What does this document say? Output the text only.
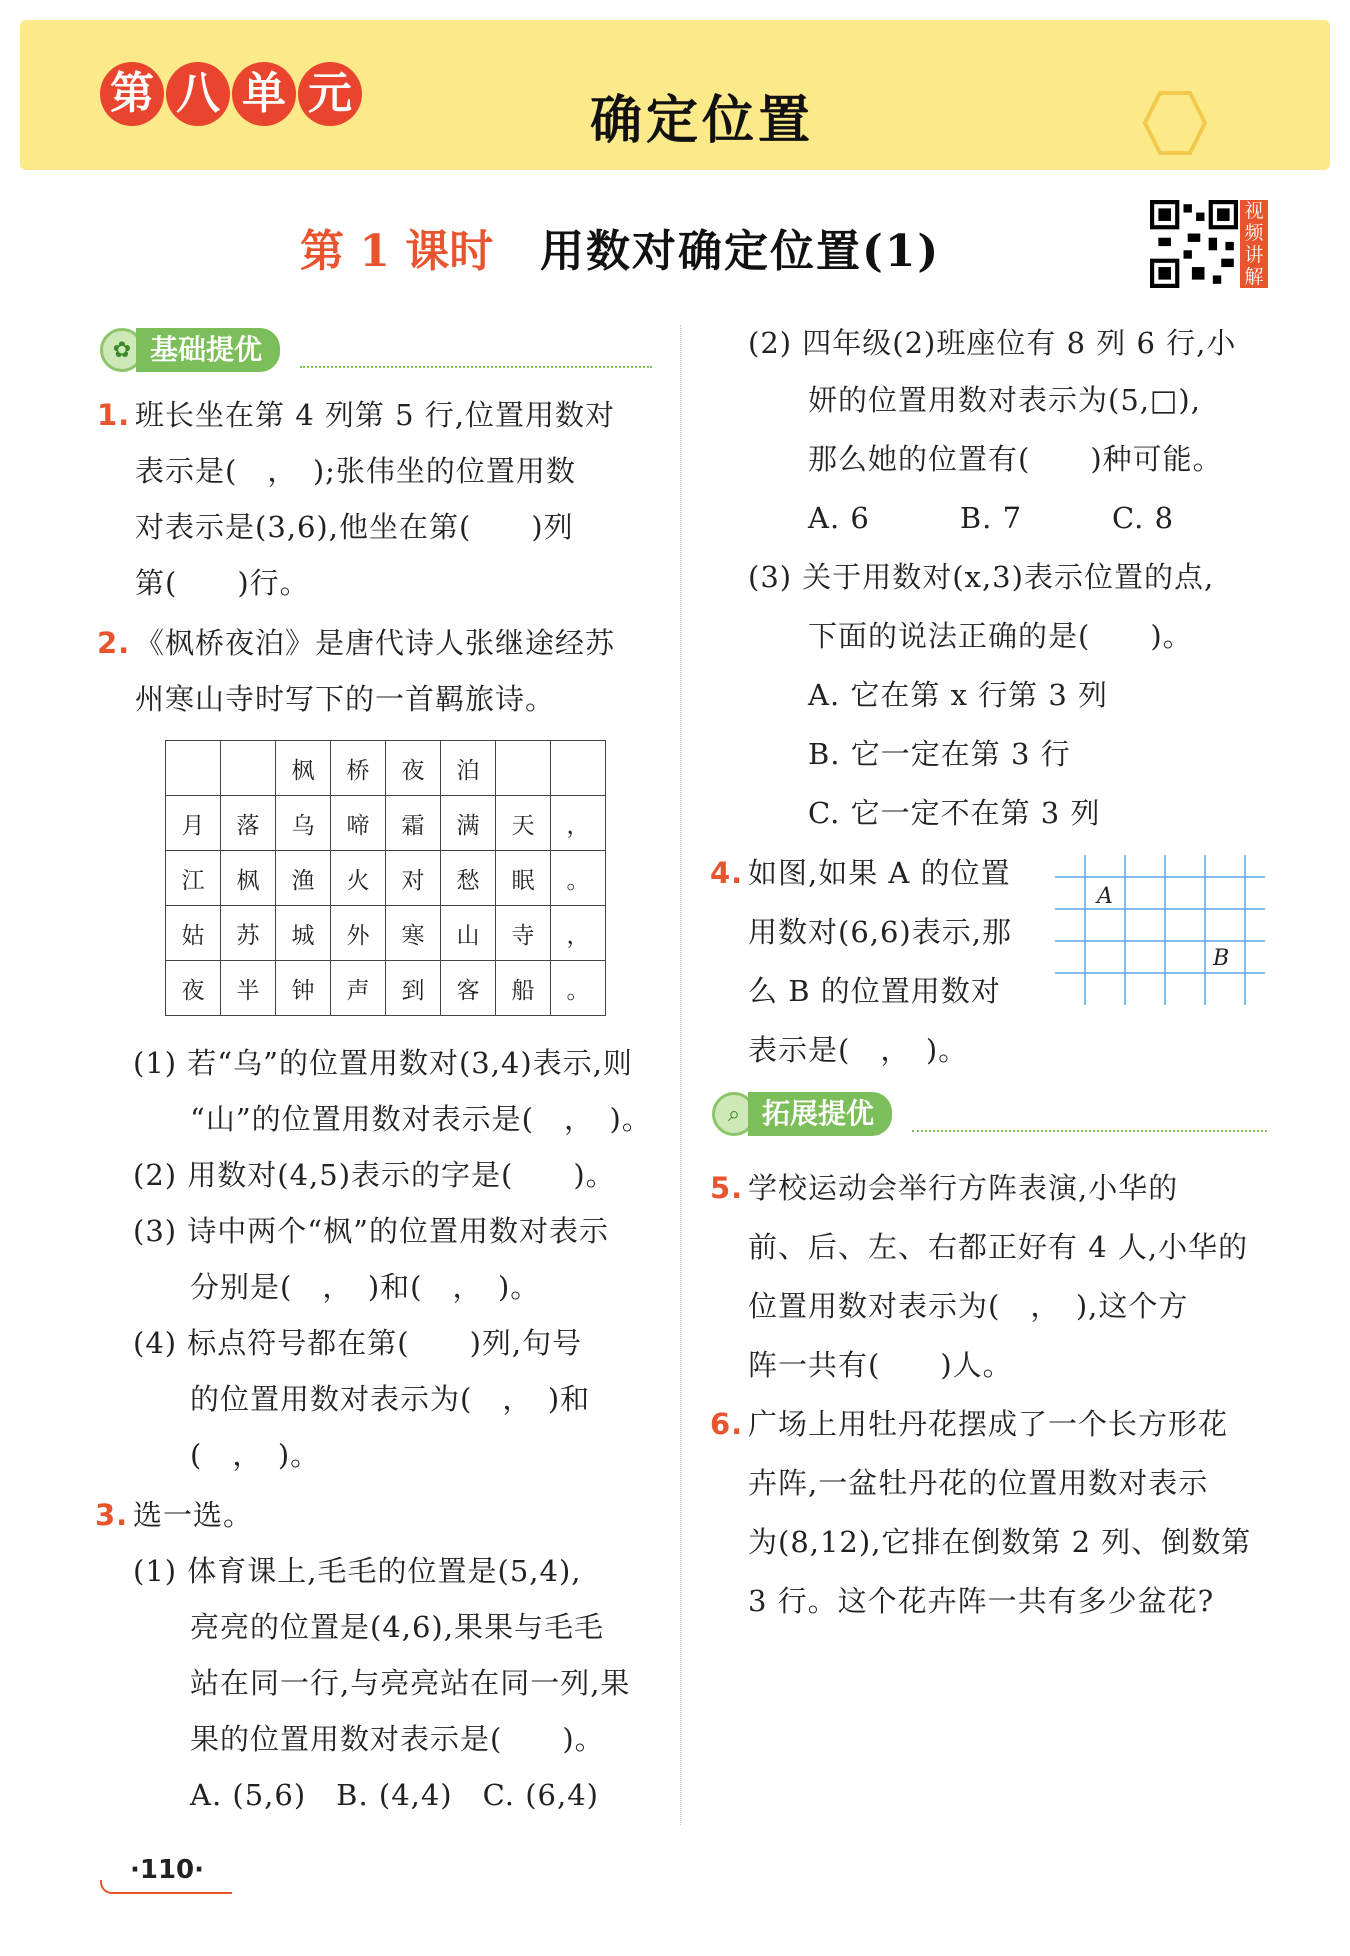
第 八 单 元	确定位置
第 1 课时 用数对确定位置(1)
视频讲解
✿ 基础提优
1. 班长坐在第 4 列第 5 行,位置用数对
表示是(　，　);张伟坐的位置用数
对表示是(3,6),他坐在第(　　)列
第(　　)行。
2. 《枫桥夜泊》是唐代诗人张继途经苏
州寒山寺时写下的一首羁旅诗。
		枫	桥	夜	泊		
月	落	乌	啼	霜	满	天	，
江	枫	渔	火	对	愁	眠	。
姑	苏	城	外	寒	山	寺	，
夜	半	钟	声	到	客	船	。
(1) 若“乌”的位置用数对(3,4)表示,则
“山”的位置用数对表示是(　，　)。
(2) 用数对(4,5)表示的字是(　　)。
(3) 诗中两个“枫”的位置用数对表示
分别是(　，　)和(　，　)。
(4) 标点符号都在第(　　)列,句号
的位置用数对表示为(　，　)和
(　，　)。
3. 选一选。
(1) 体育课上,毛毛的位置是(5,4),
亮亮的位置是(4,6),果果与毛毛
站在同一行,与亮亮站在同一列,果
果的位置用数对表示是(　　)。
A. (5,6)　B. (4,4)　C. (6,4)
(2) 四年级(2)班座位有 8 列 6 行,小
妍的位置用数对表示为(5,□),
那么她的位置有(　　)种可能。
A. 6　　　B. 7　　　C. 8
(3) 关于用数对(x,3)表示位置的点,
下面的说法正确的是(　　)。
A. 它在第 x 行第 3 列
B. 它一定在第 3 行
C. 它一定不在第 3 列
4. 如图,如果 A 的位置
用数对(6,6)表示,那
么 B 的位置用数对
表示是(　，　)。
A
B
⌕ 拓展提优
5. 学校运动会举行方阵表演,小华的
前、后、左、右都正好有 4 人,小华的
位置用数对表示为(　，　),这个方
阵一共有(　　)人。
6. 广场上用牡丹花摆成了一个长方形花
卉阵,一盆牡丹花的位置用数对表示
为(8,12),它排在倒数第 2 列、倒数第
3 行。这个花卉阵一共有多少盆花?
·110·
